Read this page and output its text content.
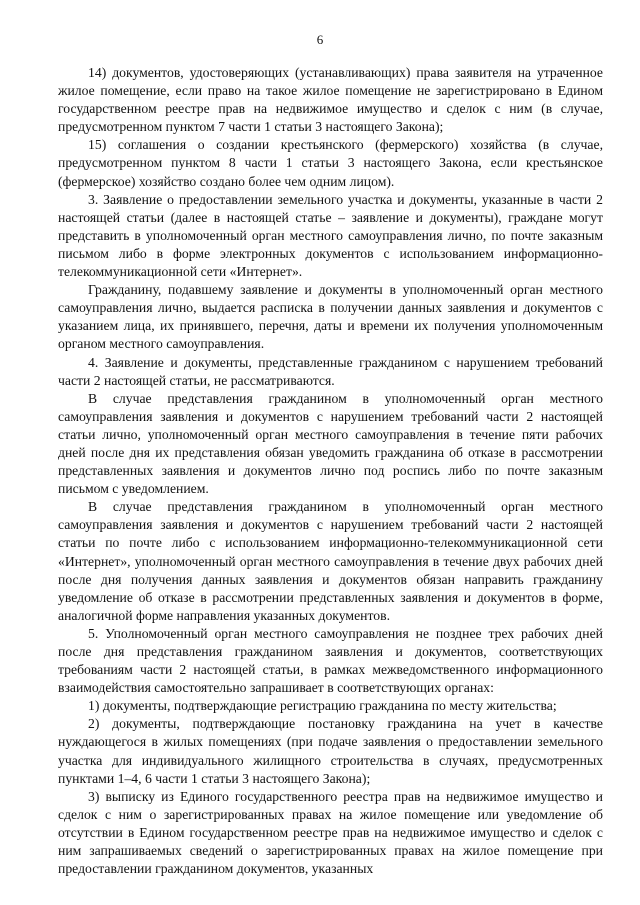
6

14) документов, удостоверяющих (устанавливающих) права заявителя на утраченное жилое помещение, если право на такое жилое помещение не зарегистрировано в Едином государственном реестре прав на недвижимое имущество и сделок с ним (в случае, предусмотренном пунктом 7 части 1 статьи 3 настоящего Закона);

15) соглашения о создании крестьянского (фермерского) хозяйства (в случае, предусмотренном пунктом 8 части 1 статьи 3 настоящего Закона, если крестьянское (фермерское) хозяйство создано более чем одним лицом).

3. Заявление о предоставлении земельного участка и документы, указанные в части 2 настоящей статьи (далее в настоящей статье – заявление и документы), граждане могут представить в уполномоченный орган местного самоуправления лично, по почте заказным письмом либо в форме электронных документов с использованием информационно-телекоммуникационной сети «Интернет».

Гражданину, подавшему заявление и документы в уполномоченный орган местного самоуправления лично, выдается расписка в получении данных заявления и документов с указанием лица, их принявшего, перечня, даты и времени их получения уполномоченным органом местного самоуправления.

4. Заявление и документы, представленные гражданином с нарушением требований части 2 настоящей статьи, не рассматриваются.

В случае представления гражданином в уполномоченный орган местного самоуправления заявления и документов с нарушением требований части 2 настоящей статьи лично, уполномоченный орган местного самоуправления в течение пяти рабочих дней после дня их представления обязан уведомить гражданина об отказе в рассмотрении представленных заявления и документов лично под роспись либо по почте заказным письмом с уведомлением.

В случае представления гражданином в уполномоченный орган местного самоуправления заявления и документов с нарушением требований части 2 настоящей статьи по почте либо с использованием информационно-телекоммуникационной сети «Интернет», уполномоченный орган местного самоуправления в течение двух рабочих дней после дня получения данных заявления и документов обязан направить гражданину уведомление об отказе в рассмотрении представленных заявления и документов в форме, аналогичной форме направления указанных документов.

5. Уполномоченный орган местного самоуправления не позднее трех рабочих дней после дня представления гражданином заявления и документов, соответствующих требованиям части 2 настоящей статьи, в рамках межведомственного информационного взаимодействия самостоятельно запрашивает в соответствующих органах:

1) документы, подтверждающие регистрацию гражданина по месту жительства;

2) документы, подтверждающие постановку гражданина на учет в качестве нуждающегося в жилых помещениях (при подаче заявления о предоставлении земельного участка для индивидуального жилищного строительства в случаях, предусмотренных пунктами 1–4, 6 части 1 статьи 3 настоящего Закона);

3) выписку из Единого государственного реестра прав на недвижимое имущество и сделок с ним о зарегистрированных правах на жилое помещение или уведомление об отсутствии в Едином государственном реестре прав на недвижимое имущество и сделок с ним запрашиваемых сведений о зарегистрированных правах на жилое помещение при предоставлении гражданином документов, указанных
